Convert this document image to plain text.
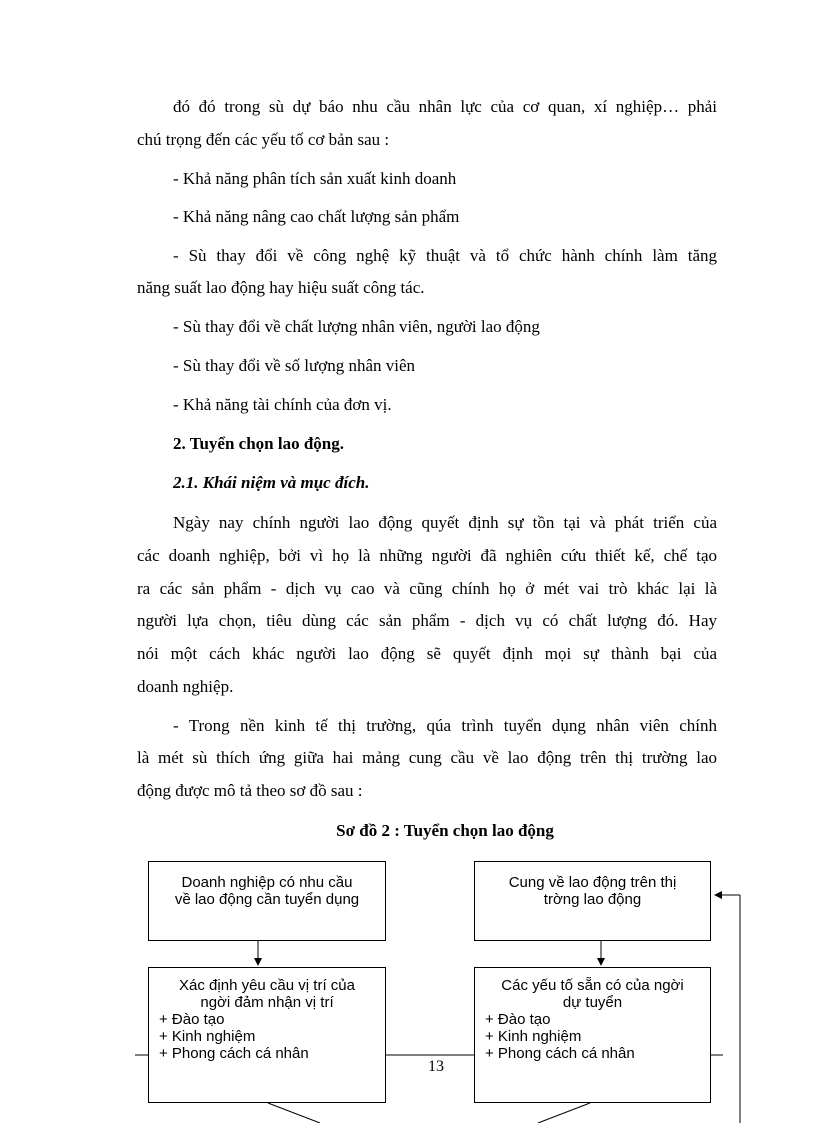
đó đó trong sù dự báo nhu cầu nhân lực của cơ quan, xí nghiệp… phải
chú trọng đến các yếu tố cơ bản sau :
- Khả năng phân tích sản xuất kinh doanh
- Khả năng nâng cao chất lượng sản phẩm
- Sù thay đổi về công nghệ kỹ thuật và tổ chức hành chính làm tăng
năng suất lao động hay hiệu suất công tác.
- Sù thay đổi về chất lượng nhân viên, người lao động
- Sù thay đổi về số lượng nhân viên
- Khả năng tài chính của đơn vị.
2. Tuyển chọn lao động.
2.1. Khái niệm và mục đích.
Ngày nay chính người lao động quyết định sự tồn tại và phát triển của
các doanh nghiệp, bởi vì họ là những người đã nghiên cứu thiết kế, chế tạo
ra các sản phẩm - dịch vụ cao và cũng chính họ ở mét vai trò khác lại là
người lựa chọn, tiêu dùng các sản phẩm - dịch vụ có chất lượng đó. Hay
nói một cách khác người lao động sẽ quyết định mọi sự thành bại của
doanh nghiệp.
- Trong nền kinh tế thị trường, qúa trình tuyển dụng nhân viên chính
là mét sù thích ứng giữa hai mảng cung cầu về lao động trên thị trường lao
động được mô tả theo sơ đồ sau :
Sơ đồ 2 : Tuyển chọn lao động
Doanh nghiệp có nhu cầu
về lao động cần tuyển dụng
Cung về lao động trên thị
trờng lao động
Xác định yêu cầu vị trí của
ngời đảm nhận vị trí
+ Đào tạo
+ Kinh nghiệm
+ Phong cách cá nhân
Các yếu tố sẵn có của ngời
dự tuyển
+ Đào tạo
+ Kinh nghiệm
+ Phong cách cá nhân
13
